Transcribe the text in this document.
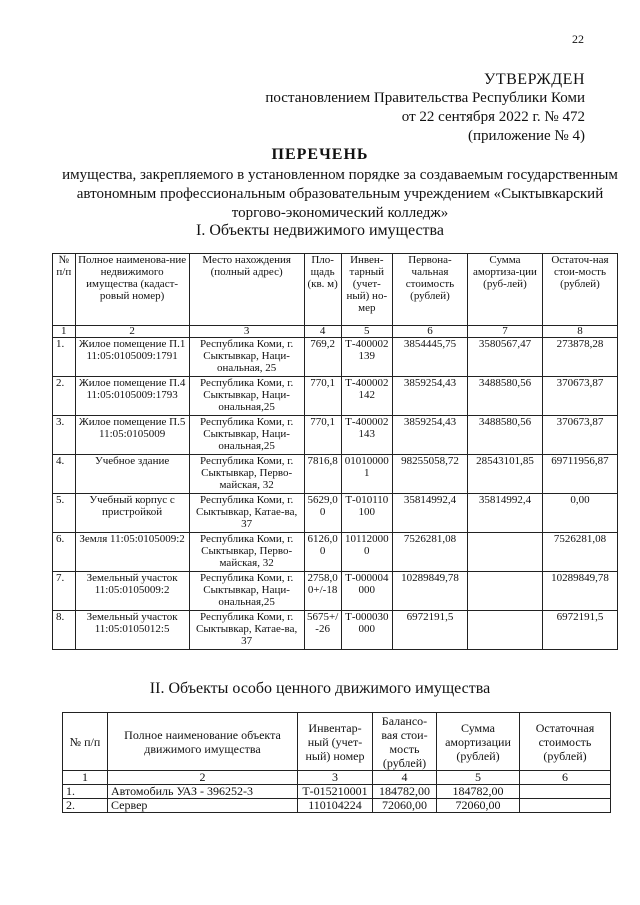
22
УТВЕРЖДЕН
постановлением Правительства Республики Коми
от 22 сентября 2022 г. № 472
(приложение № 4)
ПЕРЕЧЕНЬ
имущества, закрепляемого в установленном порядке за создаваемым государственным автономным профессиональным образовательным учреждением «Сыктывкарский торгово-экономический колледж»
I. Объекты недвижимого имущества
№ п/п	Полное наименова-ние недвижимого имущества (кадаст-ровый номер)	Место нахождения (полный адрес)	Пло-щадь (кв. м)	Инвен-тарный (учет-ный) но-мер	Первона-чальная стоимость (рублей)	Сумма амортиза-ции (руб-лей)	Остаточ-ная стои-мость (рублей)
1	2	3	4	5	6	7	8
1.	Жилое помещение П.1 11:05:0105009:1791	Республика Коми, г. Сыктывкар, Наци-ональная, 25	769,2	Т-400002139	3854445,75	3580567,47	273878,28
2.	Жилое помещение П.4 11:05:0105009:1793	Республика Коми, г. Сыктывкар, Наци-ональная,25	770,1	Т-400002142	3859254,43	3488580,56	370673,87
3.	Жилое помещение П.5 11:05:0105009	Республика Коми, г. Сыктывкар, Наци-ональная,25	770,1	Т-400002143	3859254,43	3488580,56	370673,87
4.	Учебное здание	Республика Коми, г. Сыктывкар, Перво-майская, 32	7816,8	010100001	98255058,72	28543101,85	69711956,87
5.	Учебный корпус с пристройкой	Республика Коми, г. Сыктывкар, Катае-ва, 37	5629,00	Т-010110100	35814992,4	35814992,4	0,00
6.	Земля 11:05:0105009:2	Республика Коми, г. Сыктывкар, Перво-майская, 32	6126,00	101120000	7526281,08		7526281,08
7.	Земельный участок 11:05:0105009:2	Республика Коми, г. Сыктывкар, Наци-ональная,25	2758,00+/-18	Т-000004000	10289849,78		10289849,78
8.	Земельный участок 11:05:0105012:5	Республика Коми, г. Сыктывкар, Катае-ва, 37	5675+/-26	Т-000030000	6972191,5		6972191,5
II. Объекты особо ценного движимого имущества
№ п/п	Полное наименование объекта движимого имущества	Инвентар-ный (учет-ный) номер	Балансо-вая стои-мость (рублей)	Сумма амортизации (рублей)	Остаточная стоимость (рублей)
1	2	3	4	5	6
1.	Автомобиль УАЗ - 396252-3	Т-015210001	184782,00	184782,00	
2.	Сервер	110104224	72060,00	72060,00	
